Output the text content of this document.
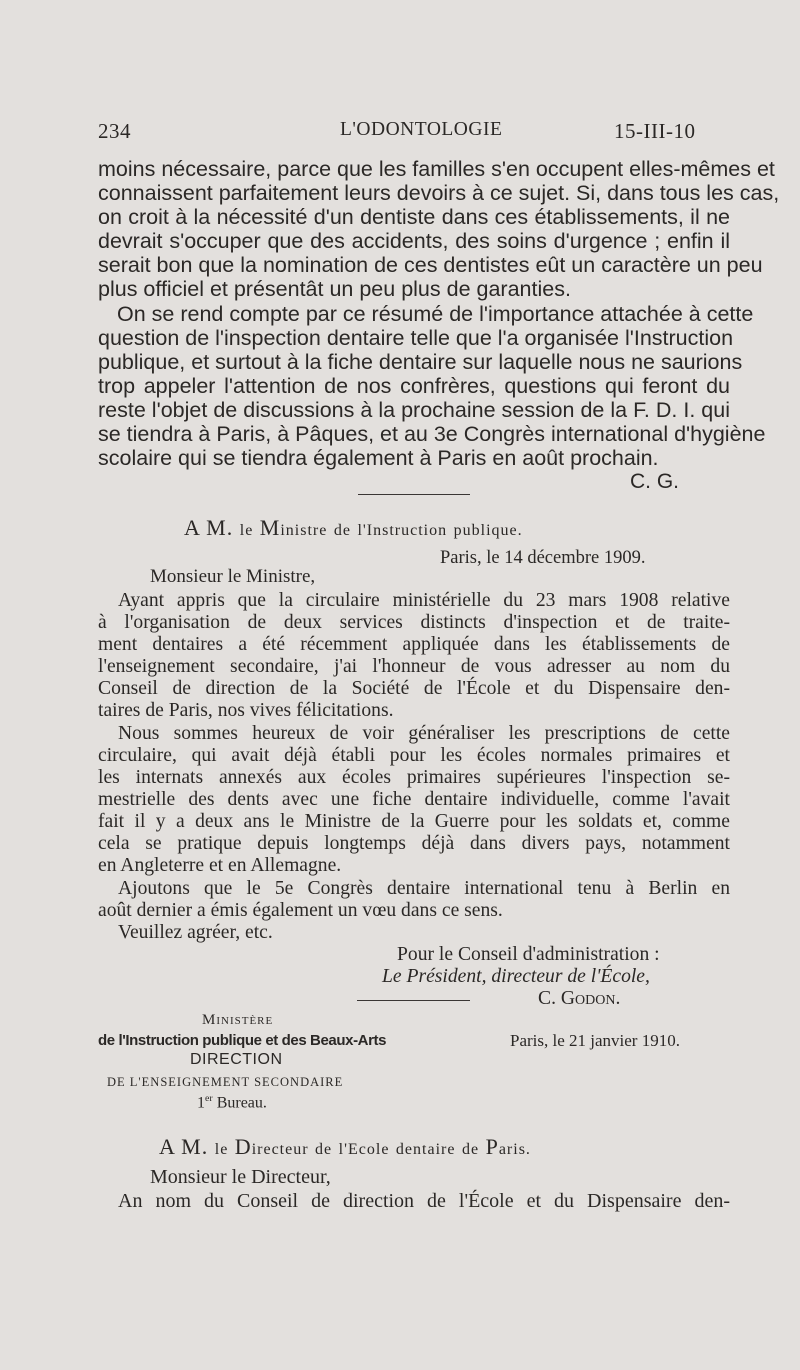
234	L'ODONTOLOGIE	15-III-10
moins nécessaire, parce que les familles s'en occupent elles-mêmes et
connaissent parfaitement leurs devoirs à ce sujet. Si, dans tous les cas,
on croit à la nécessité d'un dentiste dans ces établissements, il ne
devrait s'occuper que des accidents, des soins d'urgence ; enfin il
serait bon que la nomination de ces dentistes eût un caractère un peu
plus officiel et présentât un peu plus de garanties.
On se rend compte par ce résumé de l'importance attachée à cette
question de l'inspection dentaire telle que l'a organisée l'Instruction
publique, et surtout à la fiche dentaire sur laquelle nous ne saurions
trop appeler l'attention de nos confrères, questions qui feront du
reste l'objet de discussions à la prochaine session de la F. D. I. qui
se tiendra à Paris, à Pâques, et au 3e Congrès international d'hygiène
scolaire qui se tiendra également à Paris en août prochain.
C. G.
A M. le Ministre de l'Instruction publique.
Paris, le 14 décembre 1909.
Monsieur le Ministre,
Ayant appris que la circulaire ministérielle du 23 mars 1908 relative
à l'organisation de deux services distincts d'inspection et de traite-
ment dentaires a été récemment appliquée dans les établissements de
l'enseignement secondaire, j'ai l'honneur de vous adresser au nom du
Conseil de direction de la Société de l'École et du Dispensaire den-
taires de Paris, nos vives félicitations.
Nous sommes heureux de voir généraliser les prescriptions de cette
circulaire, qui avait déjà établi pour les écoles normales primaires et
les internats annexés aux écoles primaires supérieures l'inspection se-
mestrielle des dents avec une fiche dentaire individuelle, comme l'avait
fait il y a deux ans le Ministre de la Guerre pour les soldats et, comme
cela se pratique depuis longtemps déjà dans divers pays, notamment
en Angleterre et en Allemagne.
Ajoutons que le 5e Congrès dentaire international tenu à Berlin en
août dernier a émis également un vœu dans ce sens.
Veuillez agréer, etc.
Pour le Conseil d'administration :
Le Président, directeur de l'École,
C. Godon.
Ministère
de l'Instruction publique et des Beaux-Arts
DIRECTION
DE L'ENSEIGNEMENT SECONDAIRE
1er Bureau.
Paris, le 21 janvier 1910.
A M. le Directeur de l'Ecole dentaire de Paris.
Monsieur le Directeur,
An nom du Conseil de direction de l'École et du Dispensaire den-
